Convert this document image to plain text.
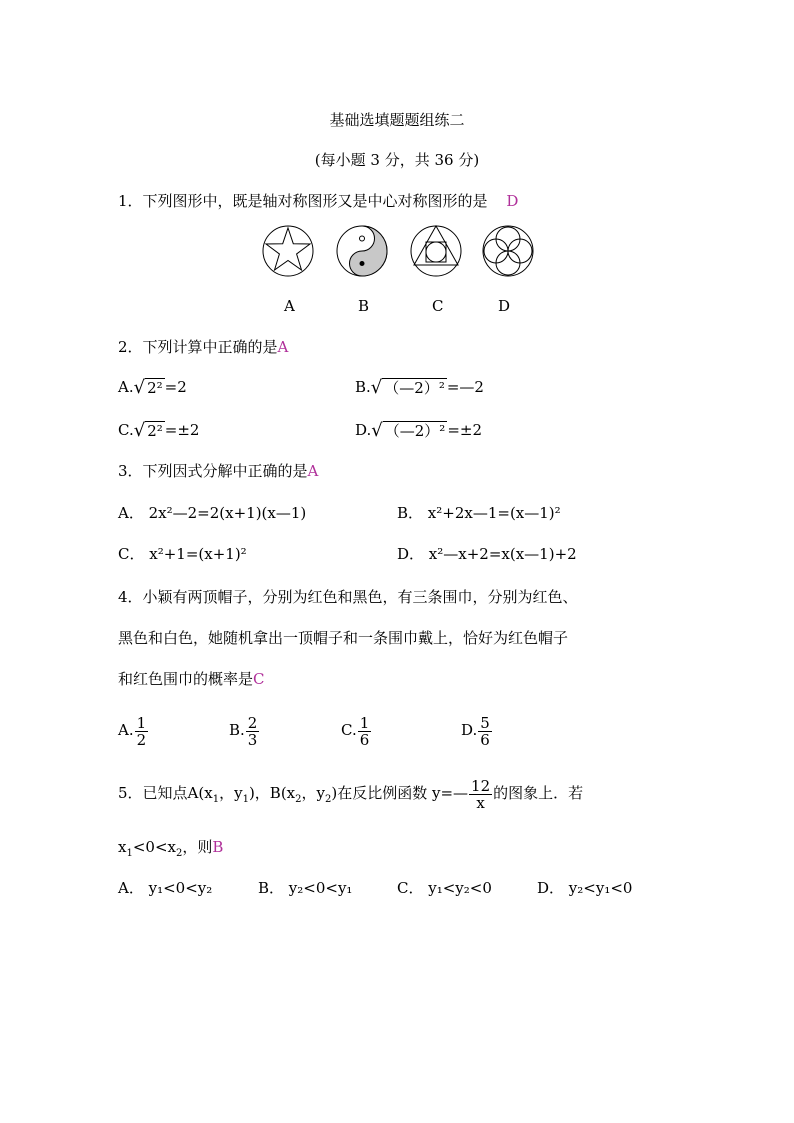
基础选填题题组练二
(每小题 3 分，共 36 分)
1．下列图形中，既是轴对称图形又是中心对称图形的是 D
A	B	C	D
2．下列计算中正确的是A
A.√ 2² =2	B.√ （—2）² =—2
C.√ 2² =±2	D.√ （—2）² =±2
3．下列因式分解中正确的是A
A． 2x²—2=2(x+1)(x—1)	B． x²+2x—1=(x—1)²
C． x²+1=(x+1)²	D． x²—x+2=x(x—1)+2
4．小颖有两顶帽子，分别为红色和黑色，有三条围巾，分别为红色、
黑色和白色，她随机拿出一顶帽子和一条围巾戴上，恰好为红色帽子
和红色围巾的概率是C
A. $\frac{1}{2}$	B. $\frac{2}{3}$	C. $\frac{1}{6}$	D. $\frac{5}{6}$
5．已知点$A(x_1$，$y_1$)，$B(x_2$，$y_2$)在反比例函数 y=— $\frac{12}{x}$ 的图象上．若
$x_1<0<x_2$，则B
A． y₁<0<y₂	B． y₂<0<y₁	C． y₁<y₂<0	D． y₂<y₁<0
